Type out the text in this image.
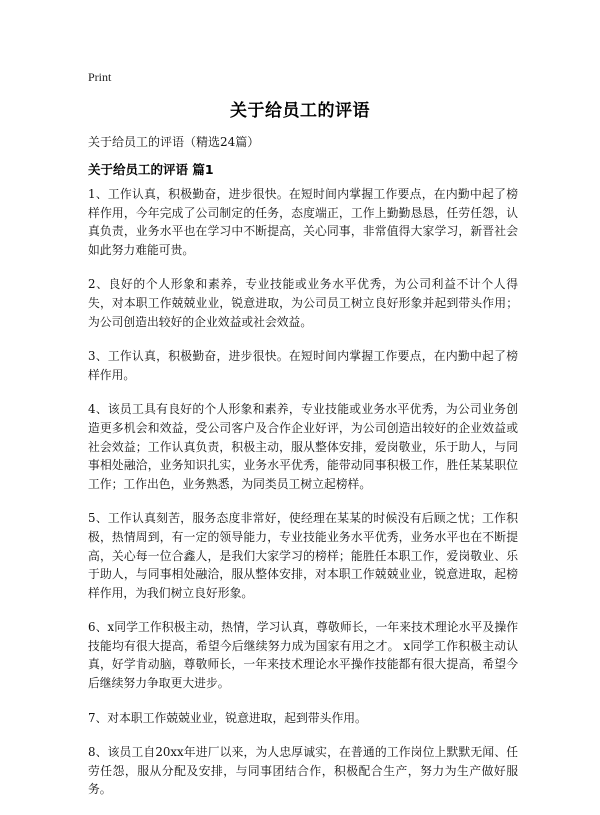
Print
关于给员工的评语
关于给员工的评语（精选24篇）
关于给员工的评语 篇1

1、工作认真，积极勤奋，进步很快。在短时间内掌握工作要点，在内勤中起了榜样作用，今年完成了公司制定的任务，态度端正，工作上勤勤恳恳，任劳任怨，认真负责，业务水平也在学习中不断提高，关心同事，非常值得大家学习，新晋社会如此努力难能可贵。

2、良好的个人形象和素养，专业技能或业务水平优秀，为公司利益不计个人得失，对本职工作兢兢业业，锐意进取，为公司员工树立良好形象并起到带头作用；为公司创造出较好的企业效益或社会效益。

3、工作认真，积极勤奋，进步很快。在短时间内掌握工作要点，在内勤中起了榜样作用。

4、该员工具有良好的个人形象和素养，专业技能或业务水平优秀，为公司业务创造更多机会和效益，受公司客户及合作企业好评，为公司创造出较好的企业效益或社会效益；工作认真负责，积极主动，服从整体安排，爱岗敬业，乐于助人，与同事相处融洽，业务知识扎实，业务水平优秀，能带动同事积极工作，胜任某某职位工作；工作出色，业务熟悉，为同类员工树立起榜样。

5、工作认真刻苦，服务态度非常好，使经理在某某的时候没有后顾之忧；工作积极，热情周到，有一定的领导能力，专业技能业务水平优秀，业务水平也在不断提高，关心每一位合鑫人，是我们大家学习的榜样；能胜任本职工作，爱岗敬业、乐于助人，与同事相处融洽，服从整体安排，对本职工作兢兢业业，锐意进取，起榜样作用，为我们树立良好形象。

6、x同学工作积极主动，热情，学习认真，尊敬师长，一年来技术理论水平及操作技能均有很大提高，希望今后继续努力成为国家有用之才。 x同学工作积极主动认真，好学肯动脑，尊敬师长，一年来技术理论水平操作技能都有很大提高，希望今后继续努力争取更大进步。

7、对本职工作兢兢业业，锐意进取，起到带头作用。

8、该员工自20xx年进厂以来，为人忠厚诚实，在普通的工作岗位上默默无闻、任劳任怨，服从分配及安排，与同事团结合作，积极配合生产，努力为生产做好服务。
